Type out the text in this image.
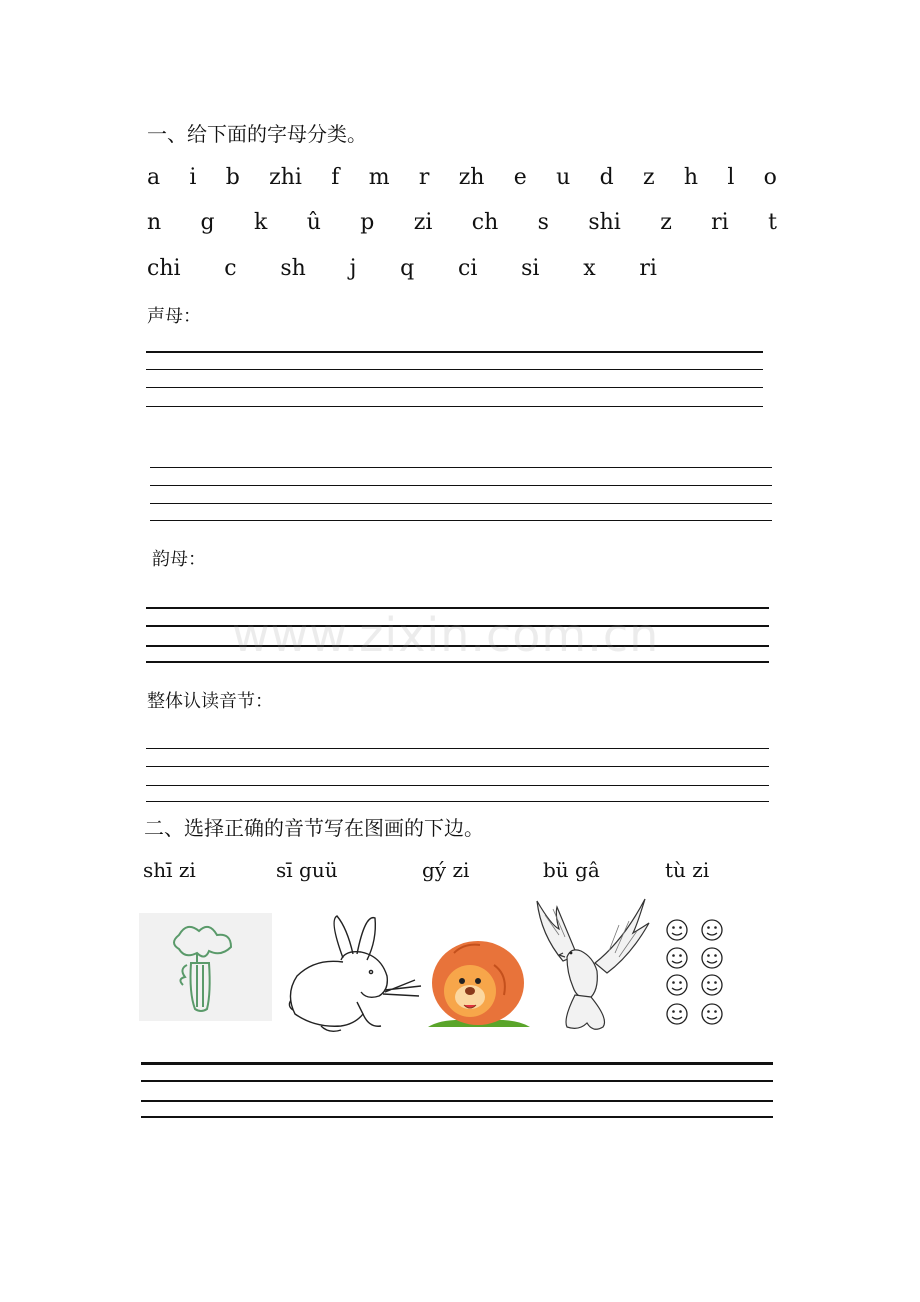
一、给下面的字母分类。
a i b zhi f m r zh e u d z h l o
n g k û p zi ch s shi z ri t
chi c sh j q ci si x ri
声母：
韵母：
www.zixin.com.cn
整体认读音节：
二、选择正确的音节写在图画的下边。
shī zi	sī guü	gý zi	bü gâ	tù zi
